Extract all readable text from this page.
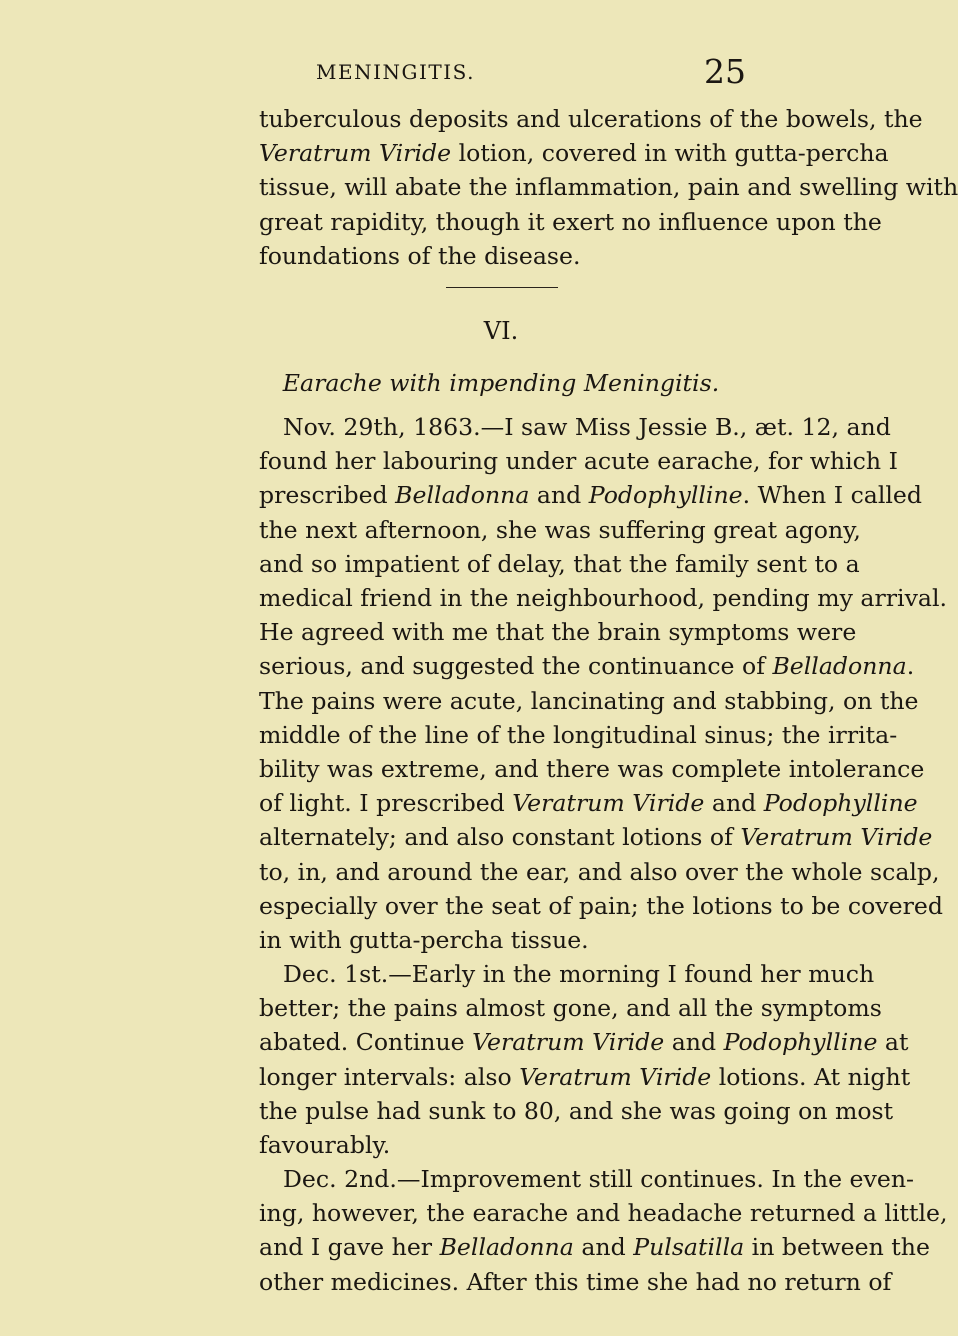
MENINGITIS.	25
tuberculous deposits and ulcerations of the bowels, the
Veratrum Viride lotion, covered in with gutta-percha
tissue, will abate the inflammation, pain and swelling with
great rapidity, though it exert no influence upon the
foundations of the disease.
VI.
Earache with impending Meningitis.
Nov. 29th, 1863.—I saw Miss Jessie B., æt. 12, and
found her labouring under acute earache, for which I
prescribed Belladonna and Podophylline. When I called
the next afternoon, she was suffering great agony,
and so impatient of delay, that the family sent to a
medical friend in the neighbourhood, pending my arrival.
He agreed with me that the brain symptoms were
serious, and suggested the continuance of Belladonna.
The pains were acute, lancinating and stabbing, on the
middle of the line of the longitudinal sinus; the irrita-
bility was extreme, and there was complete intolerance
of light. I prescribed Veratrum Viride and Podophylline
alternately; and also constant lotions of Veratrum Viride
to, in, and around the ear, and also over the whole scalp,
especially over the seat of pain; the lotions to be covered
in with gutta-percha tissue.
Dec. 1st.—Early in the morning I found her much
better; the pains almost gone, and all the symptoms
abated. Continue Veratrum Viride and Podophylline at
longer intervals: also Veratrum Viride lotions. At night
the pulse had sunk to 80, and she was going on most
favourably.
Dec. 2nd.—Improvement still continues. In the even-
ing, however, the earache and headache returned a little,
and I gave her Belladonna and Pulsatilla in between the
other medicines. After this time she had no return of
